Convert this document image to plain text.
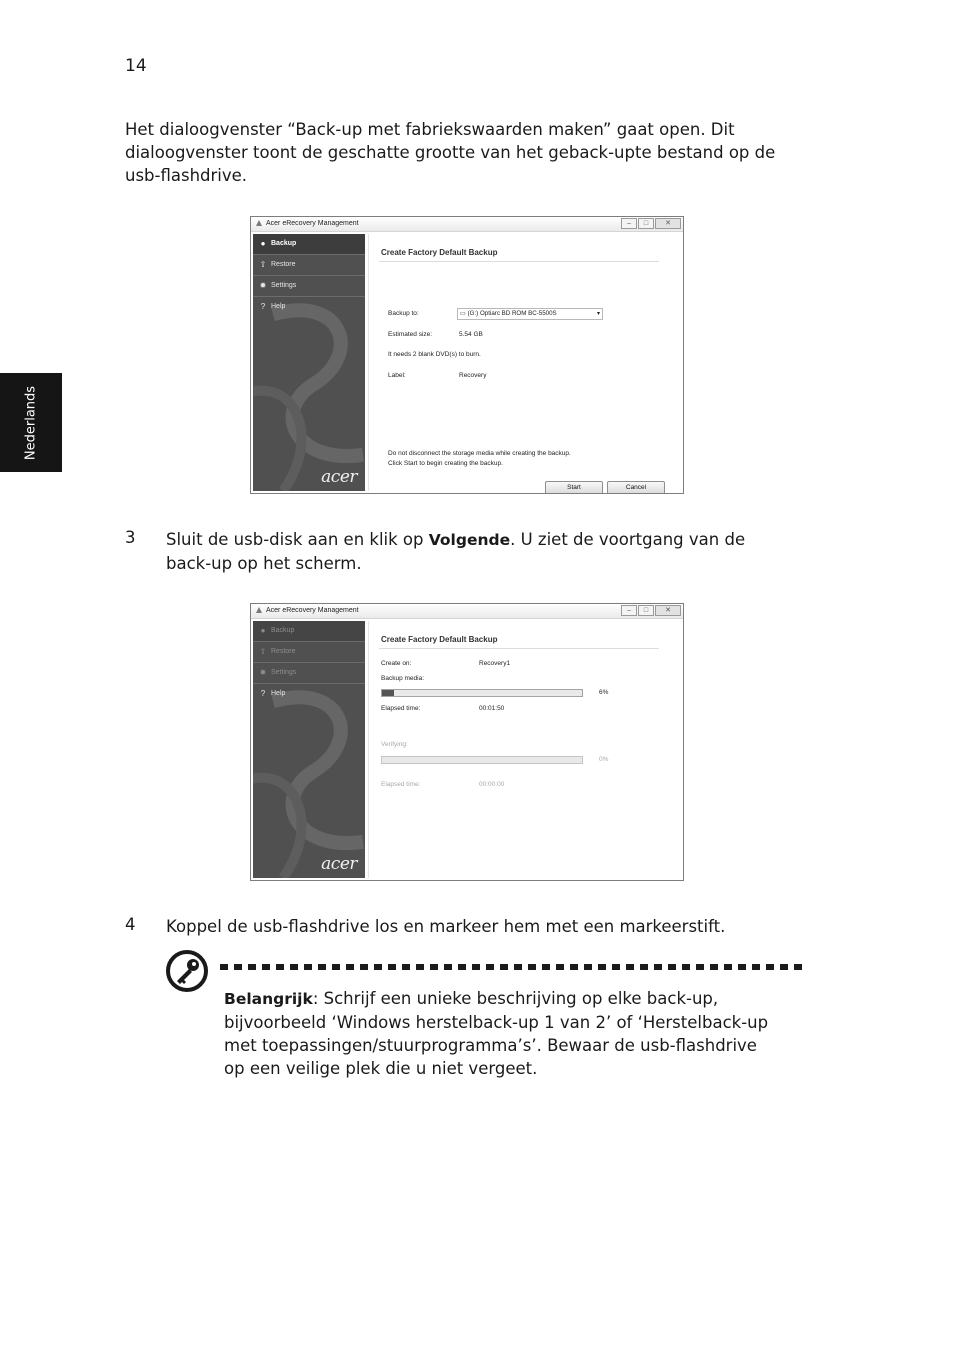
14
Het dialoogvenster “Back-up met fabriekswaarden maken” gaat open. Dit
dialoogvenster toont de geschatte grootte van het geback-upte bestand op de
usb-flashdrive.
Nederlands
Acer eRecovery Management	–	□	✕
● Backup
⇧ Restore
✹ Settings
? Help
acer
Create Factory Default Backup
Backup to:	▭ (G:) Optiarc BD ROM BC-5500S	▾
Estimated size:	5.54 GB
It needs 2 blank DVD(s) to burn.
Label:	Recovery
Do not disconnect the storage media while creating the backup.
Click Start to begin creating the backup.
Start	Cancel
3 Sluit de usb-disk aan en klik op Volgende. U ziet de voortgang van de
back-up op het scherm.
Acer eRecovery Management	–	□	✕
● Backup
⇧ Restore
✹ Settings
? Help
acer
Create Factory Default Backup
Create on:	Recovery1
Backup media:
6%
Elapsed time:	00:01:50
Verifying:
0%
Elapsed time:	00:00:00
4 Koppel de usb-flashdrive los en markeer hem met een markeerstift.
Belangrijk: Schrijf een unieke beschrijving op elke back-up,
bijvoorbeeld ‘Windows herstelback-up 1 van 2’ of ‘Herstelback-up
met toepassingen/stuurprogramma’s’. Bewaar de usb-flashdrive
op een veilige plek die u niet vergeet.
